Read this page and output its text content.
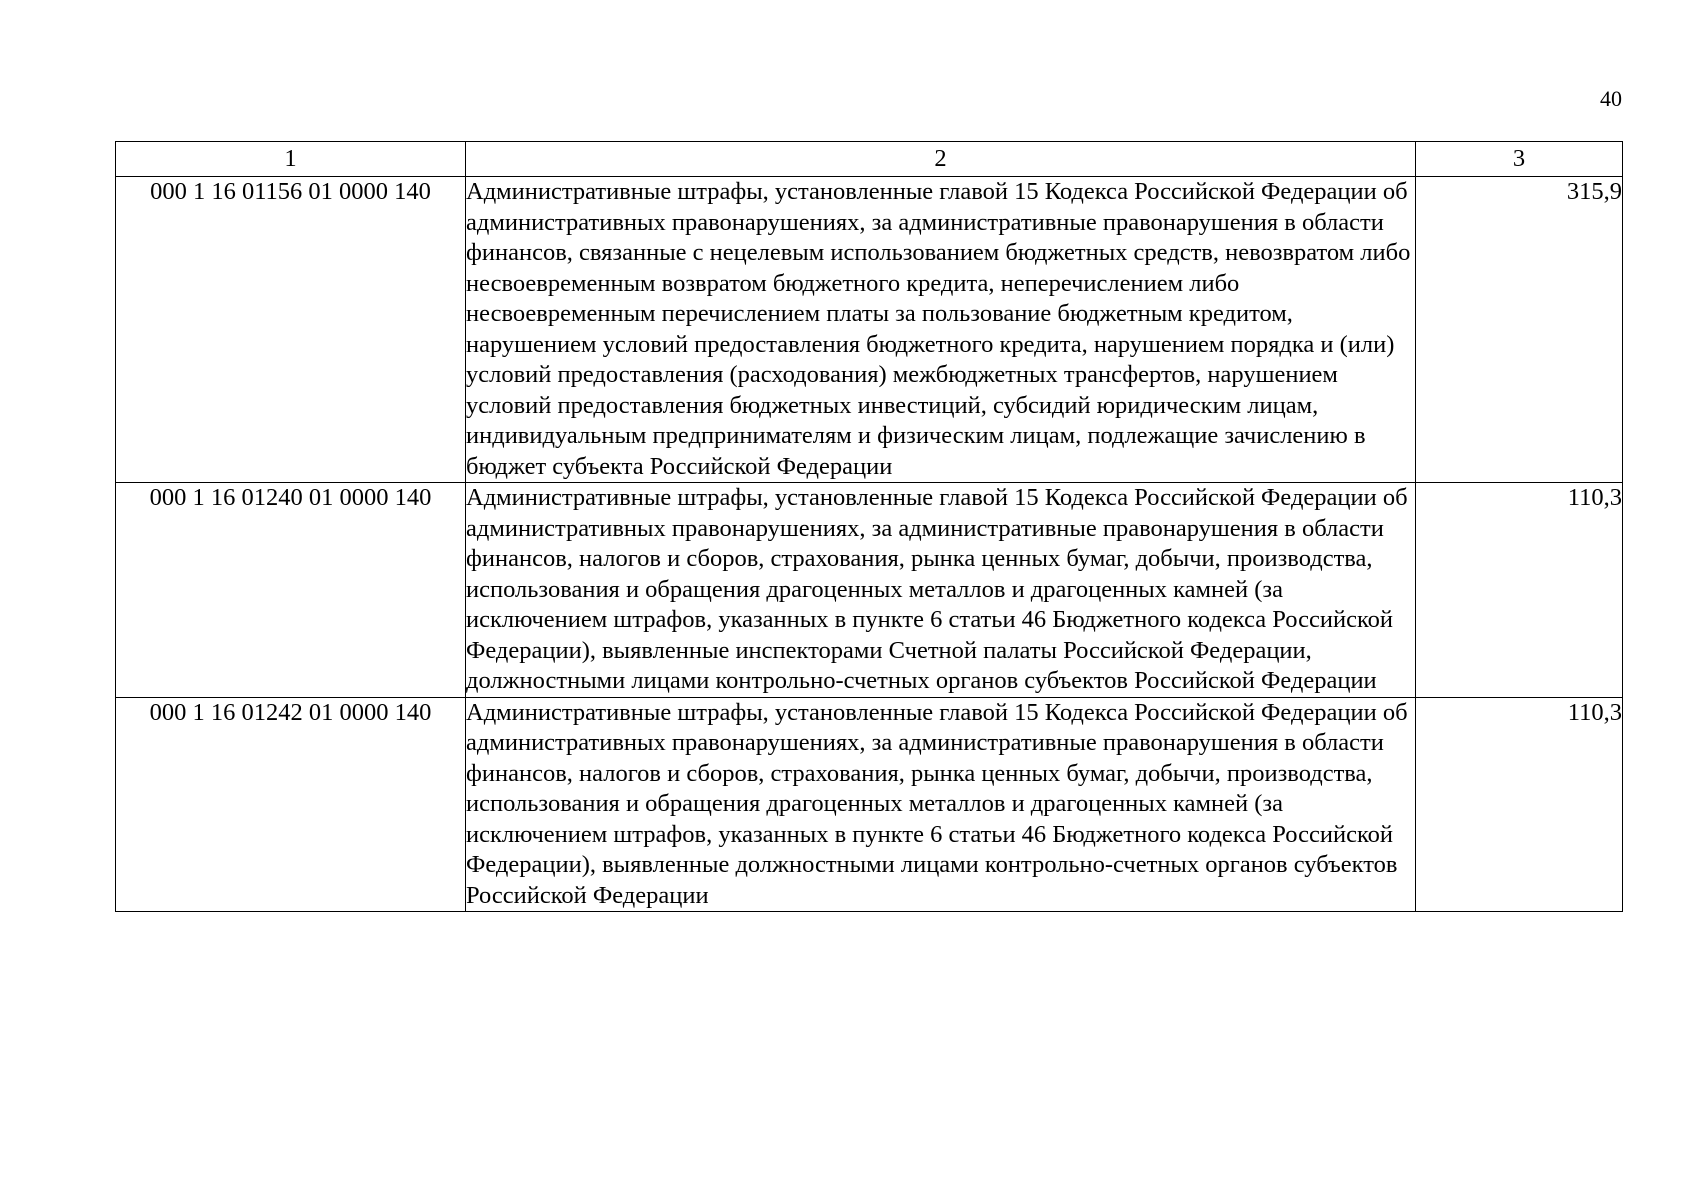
40
1	2	3
000 1 16 01156 01 0000 140	Административные штрафы, установленные главой 15 Кодекса Российской Федерации об административных правонарушениях, за административные правонарушения в области финансов, связанные с нецелевым использованием бюджетных средств, невозвратом либо несвоевременным возвратом бюджетного кредита, неперечислением либо несвоевременным перечислением платы за пользование бюджетным кредитом, нарушением условий предоставления бюджетного кредита, нарушением порядка и (или) условий предоставления (расходования) межбюджетных трансфертов, нарушением условий предоставления бюджетных инвестиций, субсидий юридическим лицам, индивидуальным предпринимателям и физическим лицам, подлежащие зачислению в бюджет субъекта Российской Федерации	315,9
000 1 16 01240 01 0000 140	Административные штрафы, установленные главой 15 Кодекса Российской Федерации об административных правонарушениях, за административные правонарушения в области финансов, налогов и сборов, страхования, рынка ценных бумаг, добычи, производства, использования и обращения драгоценных металлов и драгоценных камней (за исключением штрафов, указанных в пункте 6 статьи 46 Бюджетного кодекса Российской Федерации), выявленные инспекторами Счетной палаты Российской Федерации, должностными лицами контрольно-счетных органов субъектов Российской Федерации	110,3
000 1 16 01242 01 0000 140	Административные штрафы, установленные главой 15 Кодекса Российской Федерации об административных правонарушениях, за административные правонарушения в области финансов, налогов и сборов, страхования, рынка ценных бумаг, добычи, производства, использования и обращения драгоценных металлов и драгоценных камней (за исключением штрафов, указанных в пункте 6 статьи 46 Бюджетного кодекса Российской Федерации), выявленные должностными лицами контрольно-счетных органов субъектов Российской Федерации	110,3
